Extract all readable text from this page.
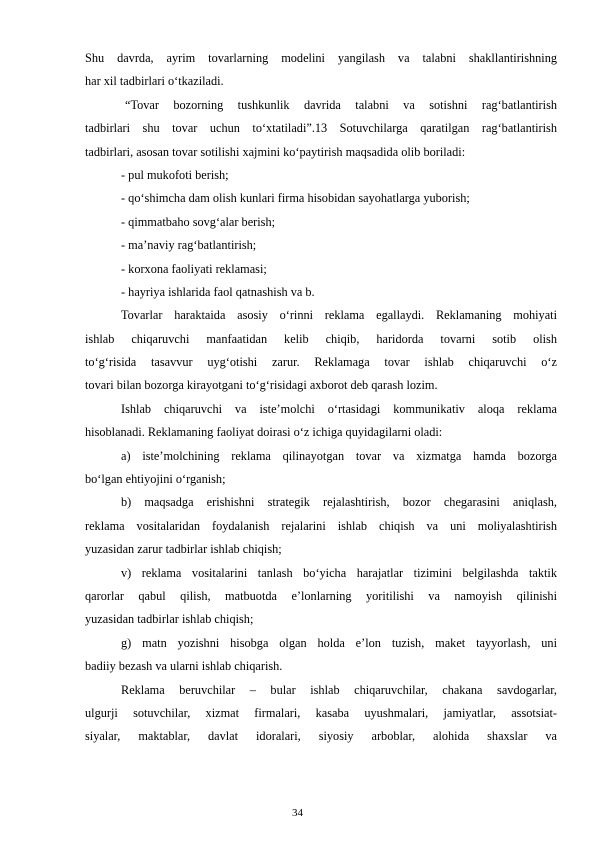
Shu davrda, ayrim tovarlarning modelini yangilash va talabni shakllantirishning
har xil tadbirlari o‘tkaziladi.
“Tovar bozorning tushkunlik davrida talabni va sotishni rag‘batlantirish
tadbirlari shu tovar uchun to‘xtatiladi”.13 Sotuvchilarga qaratilgan rag‘batlantirish
tadbirlari, asosan tovar sotilishi xajmini ko‘paytirish maqsadida olib boriladi:
- pul mukofoti berish;
- qo‘shimcha dam olish kunlari firma hisobidan sayohatlarga yuborish;
- qimmatbaho sovg‘alar berish;
- ma’naviy rag‘batlantirish;
- korxona faoliyati reklamasi;
- hayriya ishlarida faol qatnashish va b.
Tovarlar haraktaida asosiy o‘rinni reklama egallaydi. Reklamaning mohiyati
ishlab chiqaruvchi manfaatidan kelib chiqib, haridorda tovarni sotib olish
to‘g‘risida tasavvur uyg‘otishi zarur. Reklamaga tovar ishlab chiqaruvchi o‘z
tovari bilan bozorga kirayotgani to‘g‘risidagi axborot deb qarash lozim.
Ishlab chiqaruvchi va iste’molchi o‘rtasidagi kommunikativ aloqa reklama
hisoblanadi. Reklamaning faoliyat doirasi o‘z ichiga quyidagilarni oladi:
a) iste’molchining reklama qilinayotgan tovar va xizmatga hamda bozorga
bo‘lgan ehtiyojini o‘rganish;
b) maqsadga erishishni strategik rejalashtirish, bozor chegarasini aniqlash,
reklama vositalaridan foydalanish rejalarini ishlab chiqish va uni moliyalashtirish
yuzasidan zarur tadbirlar ishlab chiqish;
v) reklama vositalarini tanlash bo‘yicha harajatlar tizimini belgilashda taktik
qarorlar qabul qilish, matbuotda e’lonlarning yoritilishi va namoyish qilinishi
yuzasidan tadbirlar ishlab chiqish;
g) matn yozishni hisobga olgan holda e’lon tuzish, maket tayyorlash, uni
badiiy bezash va ularni ishlab chiqarish.
Reklama beruvchilar – bular ishlab chiqaruvchilar, chakana savdogarlar,
ulgurji sotuvchilar, xizmat firmalari, kasaba uyushmalari, jamiyatlar, assotsiat-
siyalar, maktablar, davlat idoralari, siyosiy arboblar, alohida shaxslar va
34
